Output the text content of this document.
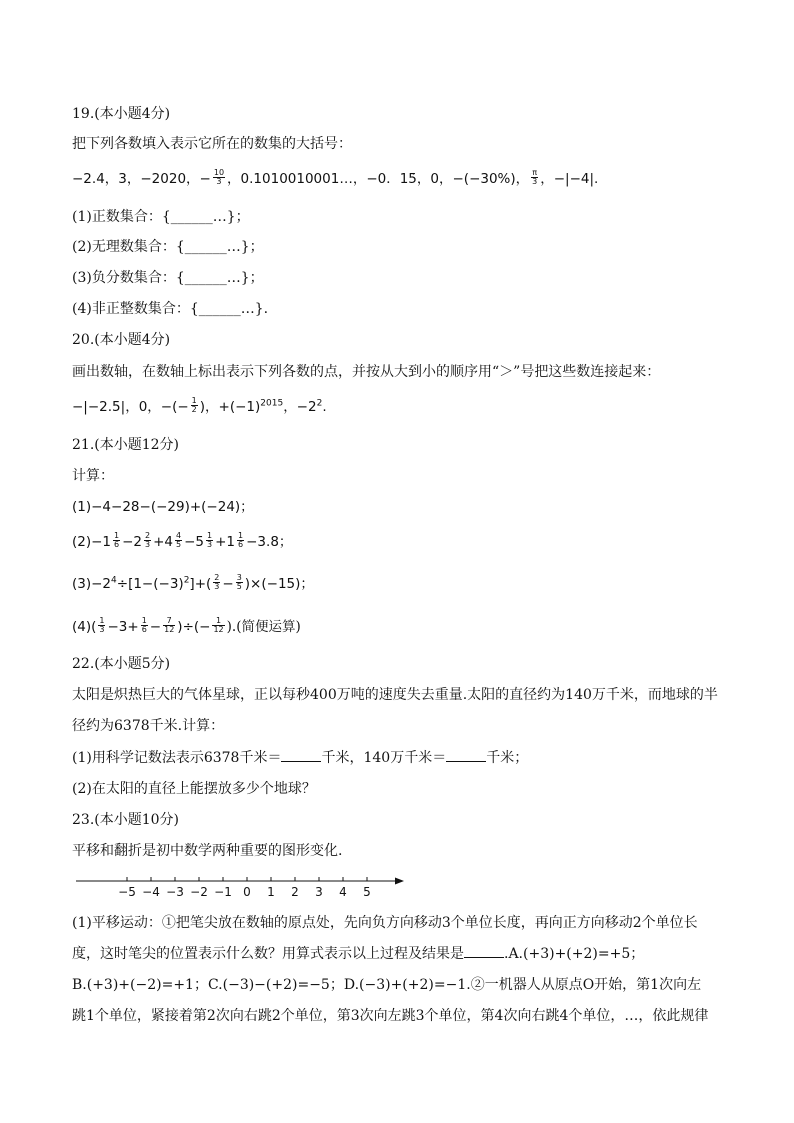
19.(本小题4分)
把下列各数填入表示它所在的数集的大括号：
−2.4，3，−2020，− $\frac{10}{3}$ ，0.1010010001…，−0．15̇，0，−(−30%)， $\frac{\pi}{3}$ ，−|−4|.
(1)正数集合：{______…}；
(2)无理数集合：{______…}；
(3)负分数集合：{______…}；
(4)非正整数集合：{______…}.
20.(本小题4分)
画出数轴，在数轴上标出表示下列各数的点，并按从大到小的顺序用“＞”号把这些数连接起来：
−|−2.5|，0，−(− $\frac{1}{2}$ )，$+(-1)^{2015}$，$-2^2$.
21.(本小题12分)
计算：
(1)−4−28−(−29)+(−24)；
$(2)-1 \frac{1}{6} -2 \frac{2}{3} +4 \frac{4}{5} -5 \frac{1}{3} +1 \frac{1}{6} -3.8$；
$(3)-2^4\div[1-(-3)^2]+( \frac{2}{3} - \frac{3}{5} )\times(-15)$；
$(4)( \frac{1}{3} -3+ \frac{1}{6} - \frac{7}{12}$ )÷(− $\frac{1}{12}$ ).(简便运算)
22.(本小题5分)
太阳是炽热巨大的气体星球，正以每秒400万吨的速度失去重量.太阳的直径约为140万千米，而地球的半
径约为6378千米.计算：
(1)用科学记数法表示6378千米＝	千米，140万千米＝	千米；
(2)在太阳的直径上能摆放多少个地球？
23.(本小题10分)
平移和翻折是初中数学两种重要的图形变化.
−5 −4 −3 −2 −1 0 1 2 3 4 5
(1)平移运动：①把笔尖放在数轴的原点处，先向负方向移动3个单位长度，再向正方向移动2个单位长
度，这时笔尖的位置表示什么数？用算式表示以上过程及结果是	.A.(+3)+(+2)=+5；
B.(+3)+(−2)=+1；C.(−3)−(+2)=−5；D.(−3)+(+2)=−1.②一机器人从原点O开始，第1次向左
跳1个单位，紧接着第2次向右跳2个单位，第3次向左跳3个单位，第4次向右跳4个单位，…，依此规律
